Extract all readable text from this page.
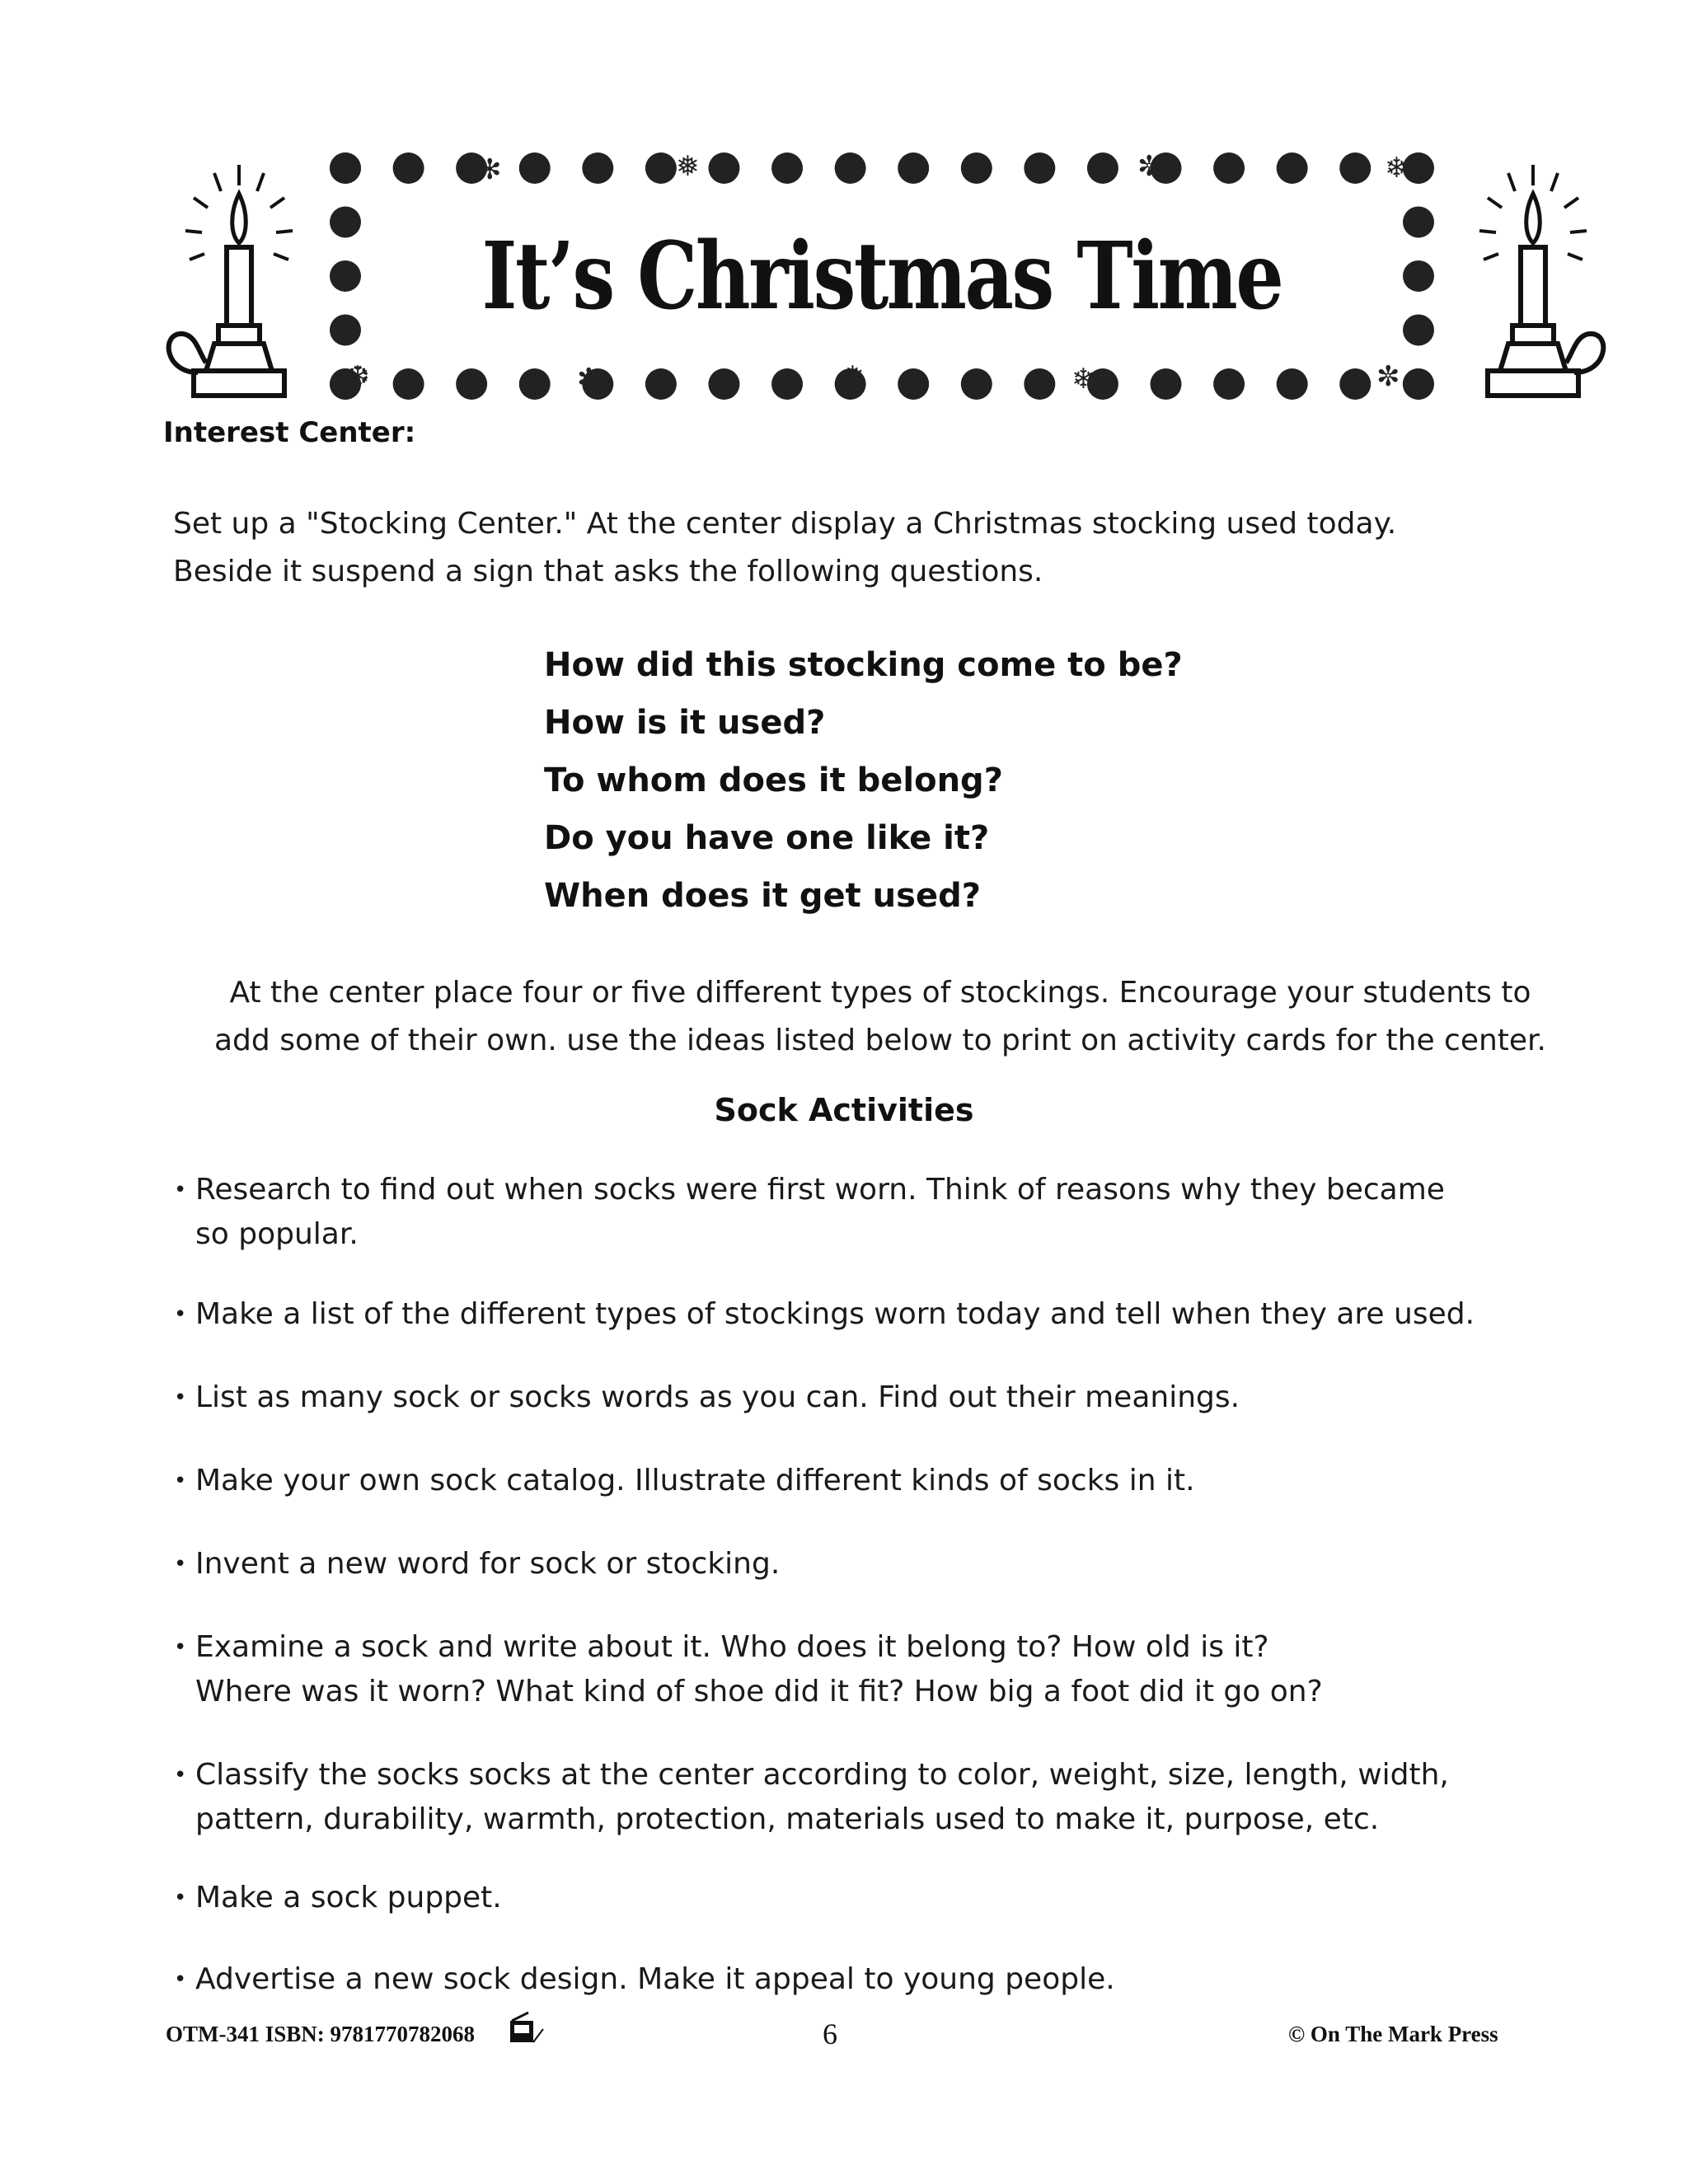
❄	✻	❅	❆	✼	❄
❆	✻	❅	❄	✼
It’s Christmas Time
Interest Center:
Set up a "Stocking Center." At the center display a Christmas stocking used today.
Beside it suspend a sign that asks the following questions.
How did this stocking come to be?
How is it used?
To whom does it belong?
Do you have one like it?
When does it get used?
At the center place four or five different types of stockings. Encourage your students to
add some of their own. use the ideas listed below to print on activity cards for the center.
Sock Activities
• Research to find out when socks were first worn. Think of reasons why they became
so popular.
• Make a list of the different types of stockings worn today and tell when they are used.
• List as many sock or socks words as you can. Find out their meanings.
• Make your own sock catalog. Illustrate different kinds of socks in it.
• Invent a new word for sock or stocking.
• Examine a sock and write about it. Who does it belong to? How old is it?
Where was it worn? What kind of shoe did it fit? How big a foot did it go on?
• Classify the socks socks at the center according to color, weight, size, length, width,
pattern, durability, warmth, protection, materials used to make it, purpose, etc.
• Make a sock puppet.
• Advertise a new sock design. Make it appeal to young people.
OTM-341 ISBN: 9781770782068	6	© On The Mark Press
